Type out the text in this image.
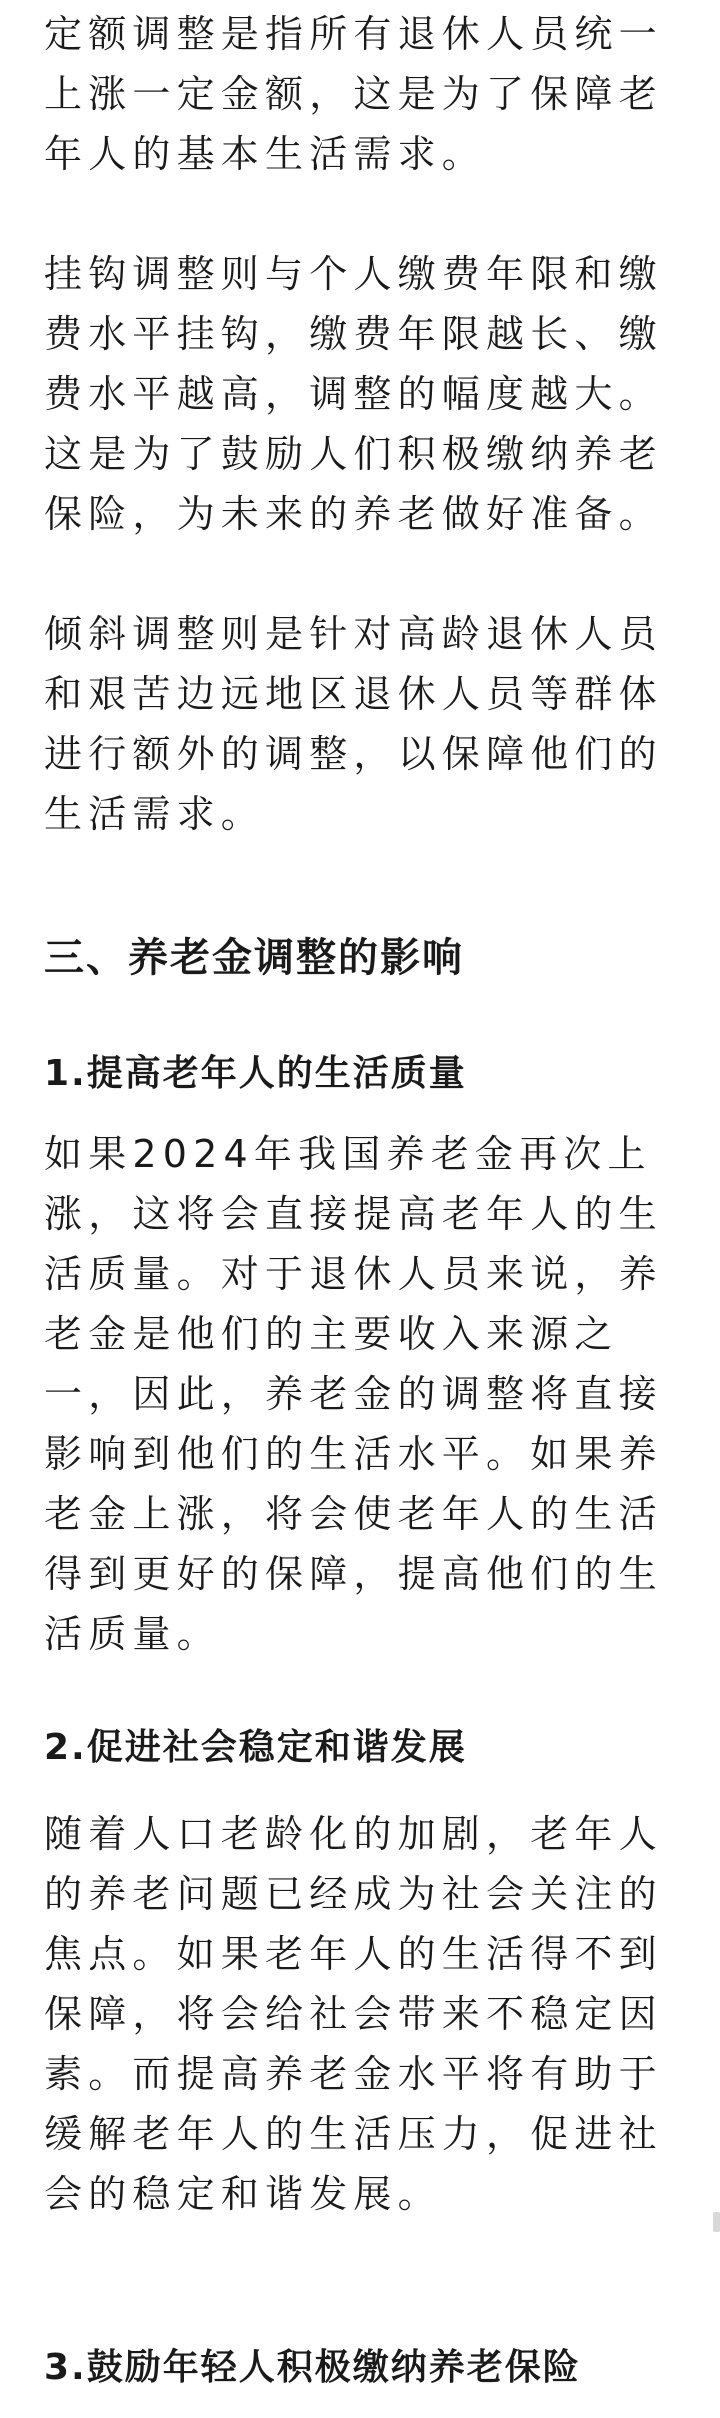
定额调整是指所有退休人员统一上涨一定金额，这是为了保障老年人的基本生活需求。

挂钩调整则与个人缴费年限和缴费水平挂钩，缴费年限越长、缴费水平越高，调整的幅度越大。这是为了鼓励人们积极缴纳养老保险，为未来的养老做好准备。

倾斜调整则是针对高龄退休人员和艰苦边远地区退休人员等群体进行额外的调整，以保障他们的生活需求。

三、养老金调整的影响
1.提高老年人的生活质量

如果2024年我国养老金再次上涨，这将会直接提高老年人的生活质量。对于退休人员来说，养老金是他们的主要收入来源之一，因此，养老金的调整将直接影响到他们的生活水平。如果养老金上涨，将会使老年人的生活得到更好的保障，提高他们的生活质量。

2.促进社会稳定和谐发展

随着人口老龄化的加剧，老年人的养老问题已经成为社会关注的焦点。如果老年人的生活得不到保障，将会给社会带来不稳定因素。而提高养老金水平将有助于缓解老年人的生活压力，促进社会的稳定和谐发展。

3.鼓励年轻人积极缴纳养老保险
